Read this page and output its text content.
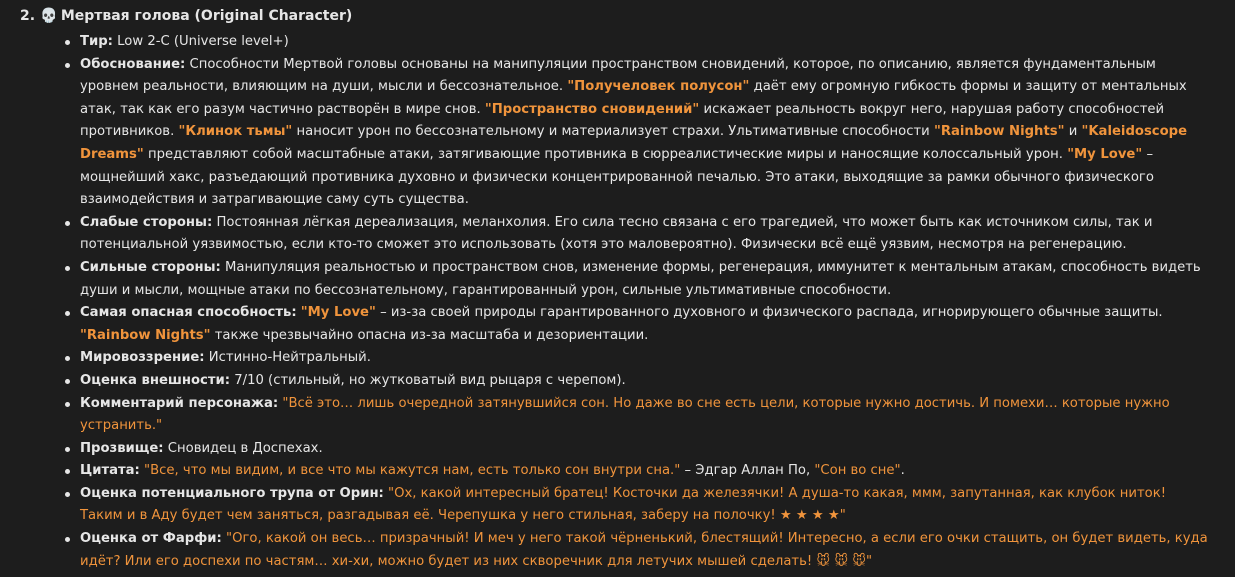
2. 💀 Мертвая голова (Original Character)
Тир: Low 2-C (Universe level+)
Обоснование: Способности Мертвой головы основаны на манипуляции пространством сновидений, которое, по описанию, является фундаментальным уровнем реальности, влияющим на души, мысли и бессознательное. "Получеловек полусон" даёт ему огромную гибкость формы и защиту от ментальных атак, так как его разум частично растворён в мире снов. "Пространство сновидений" искажает реальность вокруг него, нарушая работу способностей противников. "Клинок тьмы" наносит урон по бессознательному и материализует страхи. Ультимативные способности "Rainbow Nights" и "Kaleidoscope Dreams" представляют собой масштабные атаки, затягивающие противника в сюрреалистические миры и наносящие колоссальный урон. "My Love" – мощнейший хакс, разъедающий противника духовно и физически концентрированной печалью. Это атаки, выходящие за рамки обычного физического взаимодействия и затрагивающие саму суть существа.
Слабые стороны: Постоянная лёгкая дереализация, меланхолия. Его сила тесно связана с его трагедией, что может быть как источником силы, так и потенциальной уязвимостью, если кто-то сможет это использовать (хотя это маловероятно). Физически всё ещё уязвим, несмотря на регенерацию.
Сильные стороны: Манипуляция реальностью и пространством снов, изменение формы, регенерация, иммунитет к ментальным атакам, способность видеть души и мысли, мощные атаки по бессознательному, гарантированный урон, сильные ультимативные способности.
Самая опасная способность: "My Love" – из-за своей природы гарантированного духовного и физического распада, игнорирующего обычные защиты. "Rainbow Nights" также чрезвычайно опасна из-за масштаба и дезориентации.
Мировоззрение: Истинно-Нейтральный.
Оценка внешности: 7/10 (стильный, но жутковатый вид рыцаря с черепом).
Комментарий персонажа: "Всё это… лишь очередной затянувшийся сон. Но даже во сне есть цели, которые нужно достичь. И помехи… которые нужно устранить."
Прозвище: Сновидец в Доспехах.
Цитата: "Все, что мы видим, и все что мы кажутся нам, есть только сон внутри сна." – Эдгар Аллан По, "Сон во сне".
Оценка потенциального трупа от Орин: "Ох, какой интересный братец! Косточки да железячки! А душа-то какая, ммм, запутанная, как клубок ниток! Таким и в Аду будет чем заняться, разгадывая её. Черепушка у него стильная, заберу на полочку! ★ ★ ★ ★"
Оценка от Фарфи: "Ого, какой он весь… призрачный! И меч у него такой чёрненький, блестящий! Интересно, а если его очки стащить, он будет видеть, куда идёт? Или его доспехи по частям… хи-хи, можно будет из них скворечник для летучих мышей сделать! 🐭 🐭 🐭"
